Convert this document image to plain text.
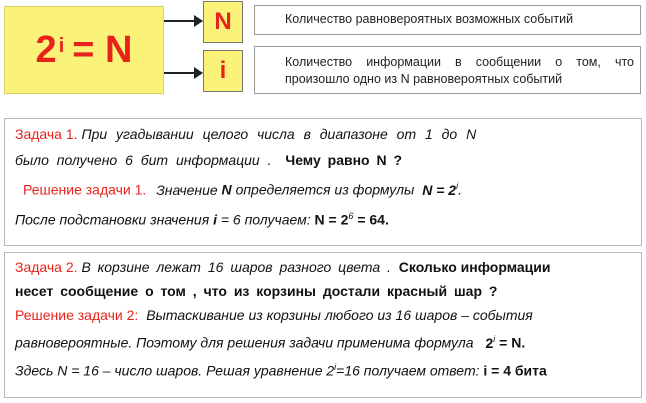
$2^i = N$
N
i
Количество равновероятных возможных событий
Количество информации в сообщении о том, что
произошло одно из N равновероятных событий
Задача 1. При угадывании целого числа в диапазоне от 1 до N
было получено 6 бит информации . Чему равно N ?
Решение задачи 1. Значение N определяется из формулы $N = 2^i$.
После подстановки значения i = 6 получаем: $N = 2^6 = 64$.
Задача 2. В корзине лежат 16 шаров разного цвета . Сколько информации
несет сообщение о том , что из корзины достали красный шар ?
Решение задачи 2: Вытаскивание из корзины любого из 16 шаров – события
равновероятные. Поэтому для решения задачи применима формула $2^i = N$.
Здесь N = 16 – число шаров. Решая уравнение $2^i=16$ получаем ответ: i = 4 бита
